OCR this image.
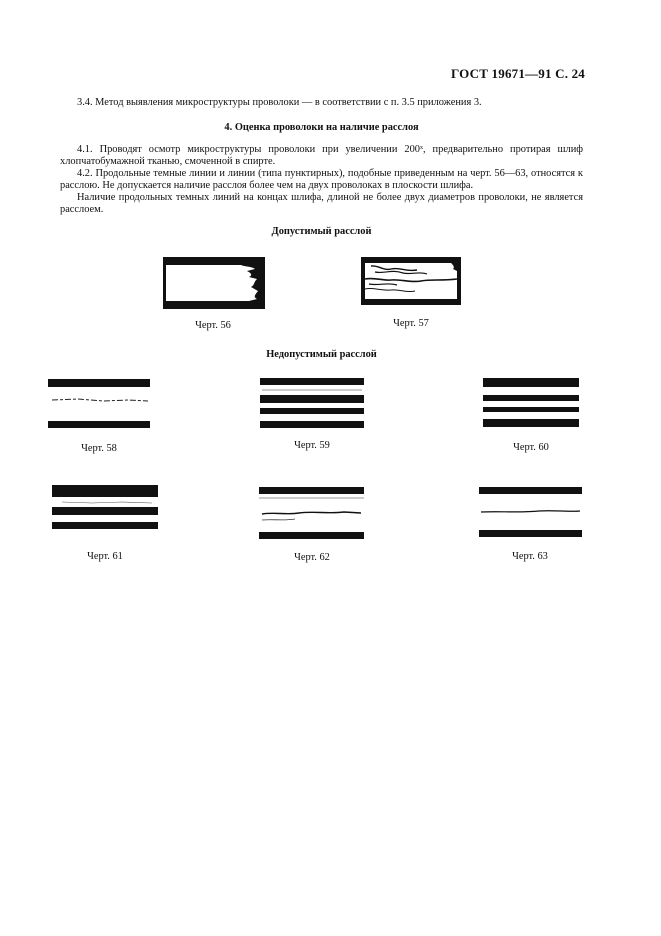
ГОСТ 19671—91 С. 24

3.4. Метод выявления микроструктуры проволоки — в соответствии с п. 3.5 приложения 3.

4. Оценка проволоки на наличие расслоя

4.1. Проводят осмотр микроструктуры проволоки при увеличении 200ˣ, предварительно протирая шлиф хлопчатобумажной тканью, смоченной в спирте.

4.2. Продольные темные линии и линии (типа пунктирных), подобные приведенным на черт. 56—63, относятся к расслою. Не допускается наличие расслоя более чем на двух проволоках в плоскости шлифа.

Наличие продольных темных линий на концах шлифа, длиной не более двух диаметров проволоки, не является расслоем.

Допустимый расслой
Черт. 56	Черт. 57
Недопустимый расслой
Черт. 58	Черт. 59	Черт. 60
Черт. 61	Черт. 62	Черт. 63
